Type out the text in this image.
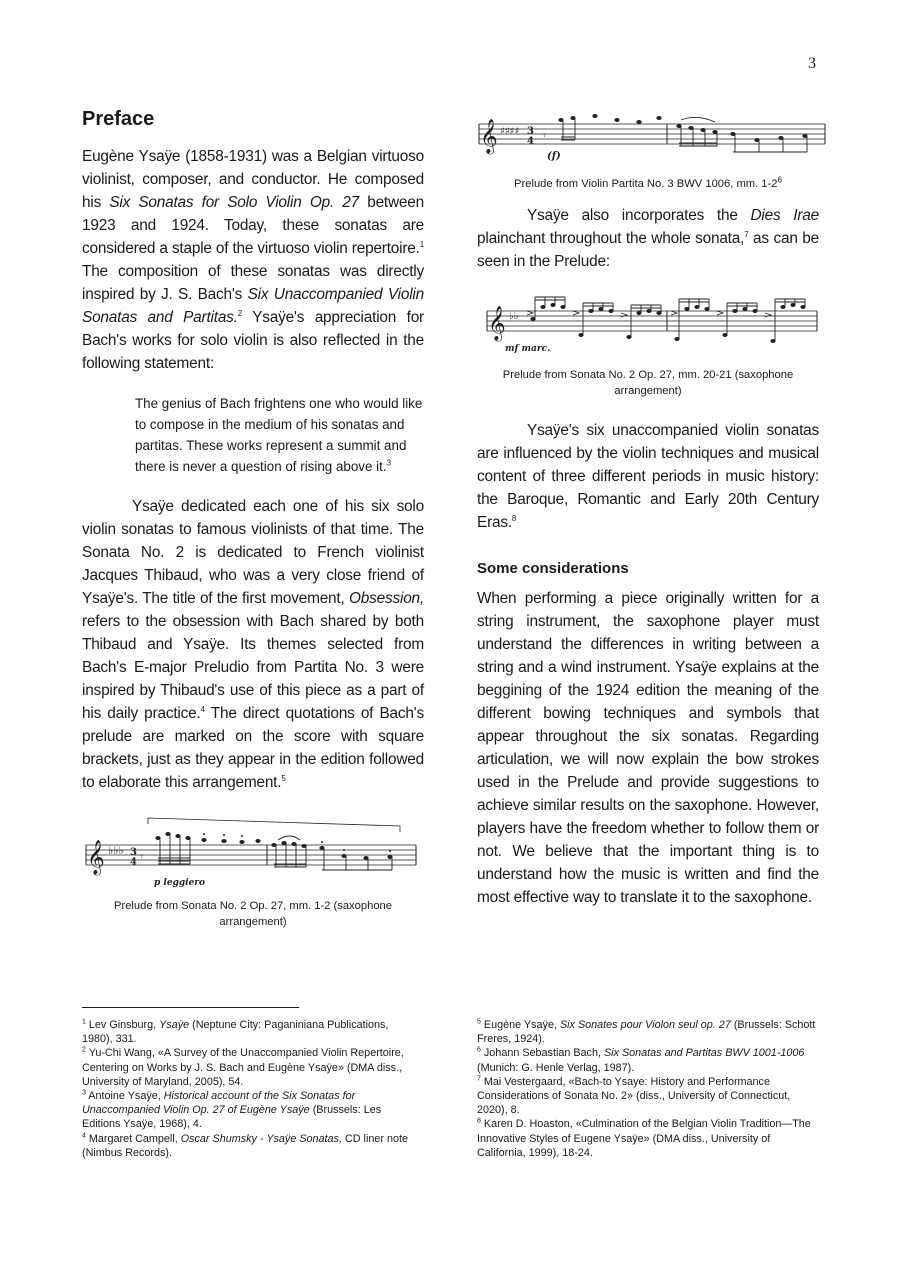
3
Preface

Eugène Ysaÿe (1858-1931) was a Belgian virtuoso violinist, composer, and conductor. He composed his Six Sonatas for Solo Violin Op. 27 between 1923 and 1924. Today, these sonatas are considered a staple of the virtuoso violin repertoire.$^1$ The composition of these sonatas was directly inspired by J. S. Bach's Six Unaccompanied Violin Sonatas and Partitas.$^2$ Ysaÿe's appreciation for Bach's works for solo violin is also reflected in the following statement:

The genius of Bach frightens one who would like to compose in the medium of his sonatas and partitas. These works represent a summit and there is never a question of rising above it.$^3$

Ysaÿe dedicated each one of his six solo violin sonatas to famous violinists of that time. The Sonata No. 2 is dedicated to French violinist Jacques Thibaud, who was a very close friend of Ysaÿe's. The title of the first movement, Obsession, refers to the obsession with Bach shared by both Thibaud and Ysaÿe. Its themes selected from Bach's E-major Preludio from Partita No. 3 were inspired by Thibaud's use of this piece as a part of his daily practice.$^4$ The direct quotations of Bach's prelude are marked on the score with square brackets, just as they appear in the edition followed to elaborate this arrangement.$^5$

𝄞 ♭♭♭ 3
4 𝄾
p leggiero

Prelude from Sonata No. 2 Op. 27, mm. 1-2 (saxophone arrangement)

𝄞 ♯♯♯♯ 3
4 𝄾
(f)

Prelude from Violin Partita No. 3 BWV 1006, mm. $1-2^6$

Ysaÿe also incorporates the Dies Irae plainchant throughout the whole sonata,$^7$ as can be seen in the Prelude:

𝄞 ♭♭
mf marc.

Prelude from Sonata No. 2 Op. 27, mm. 20-21 (saxophone arrangement)

Ysaÿe's six unaccompanied violin sonatas are influenced by the violin techniques and musical content of three different periods in music history: the Baroque, Romantic and Early 20th Century Eras.$^8$

Some considerations

When performing a piece originally written for a string instrument, the saxophone player must understand the differences in writing between a string and a wind instrument. Ysaÿe explains at the beggining of the 1924 edition the meaning of the different bowing techniques and symbols that appear throughout the six sonatas. Regarding articulation, we will now explain the bow strokes used in the Prelude and provide suggestions to achieve similar results on the saxophone. However, players have the freedom whether to follow them or not. We believe that the important thing is to understand how the music is written and find the most effective way to translate it to the saxophone.

$^1$ Lev Ginsburg, Ysaÿe (Neptune City: Paganiniana Publications, 1980), 331.

$^2$ Yu-Chi Wang, «A Survey of the Unaccompanied Violin Repertoire, Centering on Works by J. S. Bach and Eugène Ysaÿe» (DMA diss., University of Maryland, 2005), 54.

$^3$ Antoine Ysaÿe, Historical account of the Six Sonatas for Unaccompanied Violin Op. 27 of Eugène Ysaÿe (Brussels: Les Editions Ysaÿe, 1968), 4.

$^4$ Margaret Campell, Oscar Shumsky - Ysaÿe Sonatas, CD liner note (Nimbus Records).

$^5$ Eugène Ysaÿe, Six Sonates pour Violon seul op. 27 (Brussels: Schott Freres, 1924).

$^6$ Johann Sebastian Bach, Six Sonatas and Partitas BWV 1001-1006 (Munich: G. Henle Verlag, 1987).

$^7$ Mai Vestergaard, «Bach-to Ysaye: History and Performance Considerations of Sonata No. 2» (diss., University of Connecticut, 2020), 8.

$^8$ Karen D. Hoaston, «Culmination of the Belgian Violin Tradition—The Innovative Styles of Eugene Ysaÿe» (DMA diss., University of California, 1999), 18-24.
